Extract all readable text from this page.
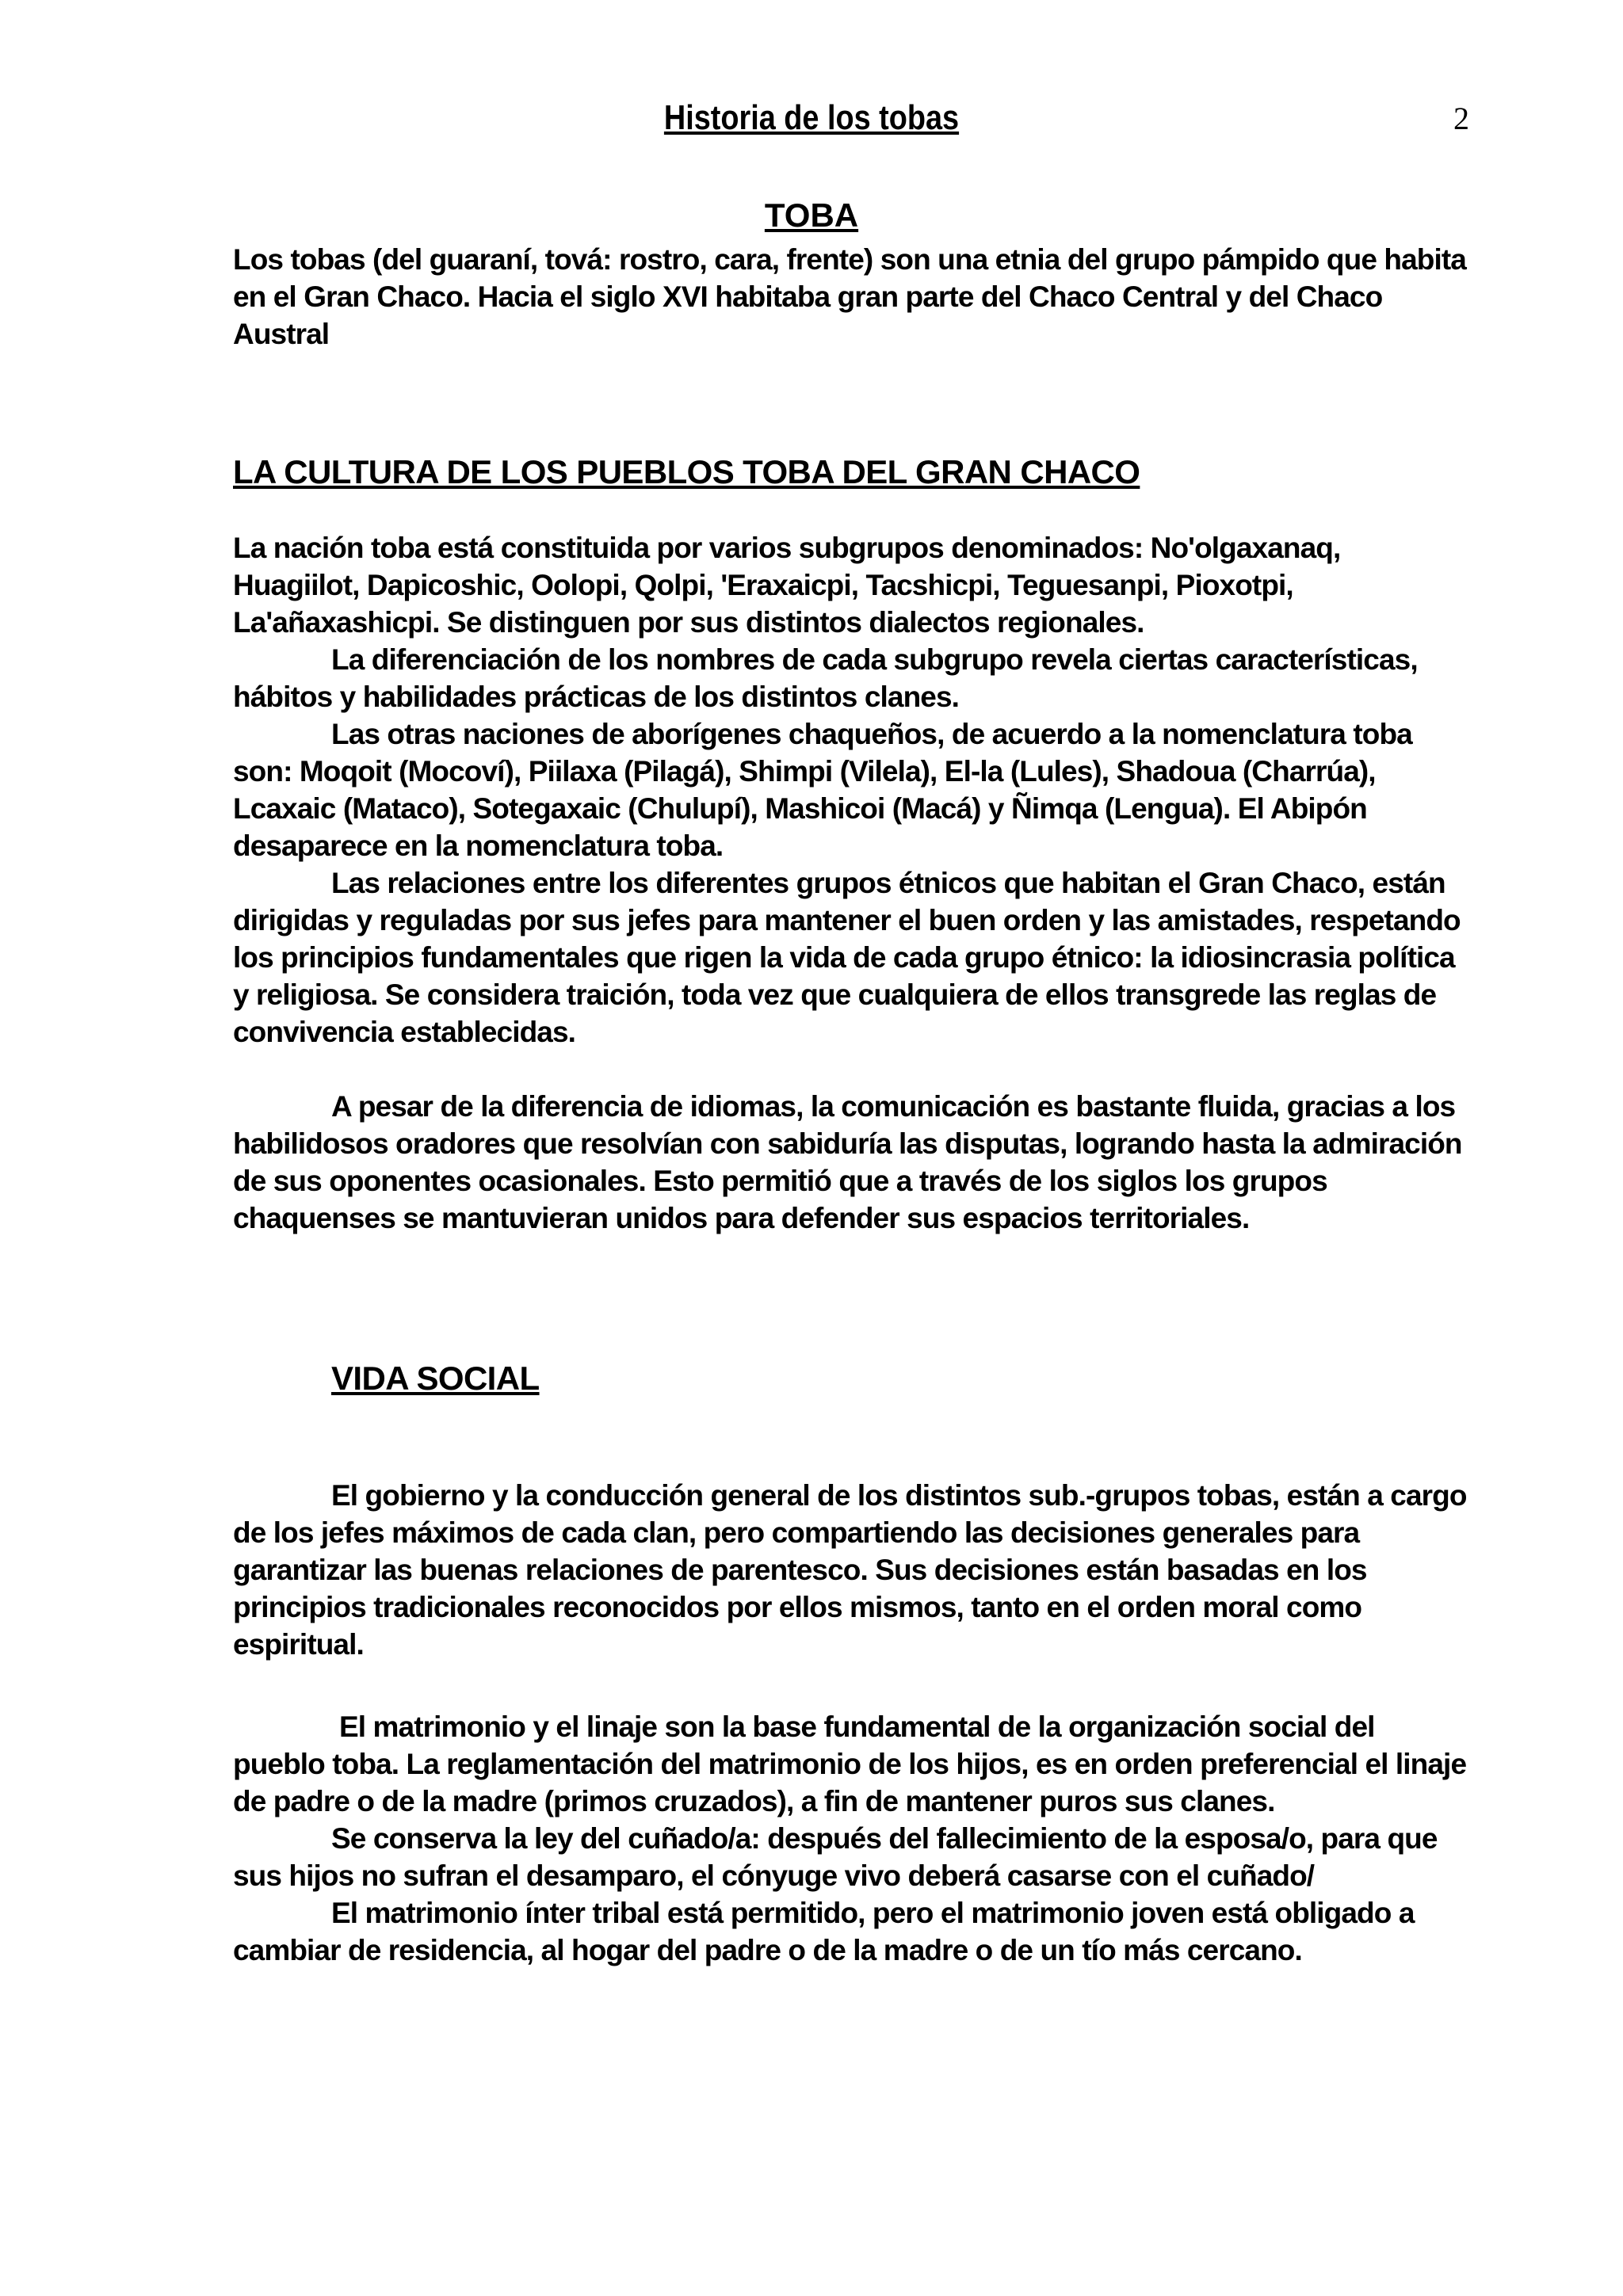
Historia de los tobas	2
TOBA

Los tobas (del guaraní, tová: rostro, cara, frente) son una etnia del grupo pámpido que habita en el Gran Chaco. Hacia el siglo XVI habitaba gran parte del Chaco Central y del Chaco Austral

LA CULTURA DE LOS PUEBLOS TOBA DEL GRAN CHACO

La nación toba está constituida por varios subgrupos denominados: No'olgaxanaq, Huagiilot, Dapicoshic, Oolopi, Qolpi, 'Eraxaicpi, Tacshicpi, Teguesanpi, Pioxotpi, La'añaxashicpi. Se distinguen por sus distintos dialectos regionales.

La diferenciación de los nombres de cada subgrupo revela ciertas características, hábitos y habilidades prácticas de los distintos clanes.

Las otras naciones de aborígenes chaqueños, de acuerdo a la nomenclatura toba son: Moqoit (Mocoví), Piilaxa (Pilagá), Shimpi (Vilela), El-la (Lules), Shadoua (Charrúa), Lcaxaic (Mataco), Sotegaxaic (Chulupí), Mashicoi (Macá) y Ñimqa (Lengua). El Abipón desaparece en la nomenclatura toba.

Las relaciones entre los diferentes grupos étnicos que habitan el Gran Chaco, están dirigidas y reguladas por sus jefes para mantener el buen orden y las amistades, respetando los principios fundamentales que rigen la vida de cada grupo étnico: la idiosincrasia política y religiosa. Se considera traición, toda vez que cualquiera de ellos transgrede las reglas de convivencia establecidas.

A pesar de la diferencia de idiomas, la comunicación es bastante fluida, gracias a los habilidosos oradores que resolvían con sabiduría las disputas, logrando hasta la admiración de sus oponentes ocasionales. Esto permitió que a través de los siglos los grupos chaquenses se mantuvieran unidos para defender sus espacios territoriales.

VIDA SOCIAL

El gobierno y la conducción general de los distintos sub.-grupos tobas, están a cargo de los jefes máximos de cada clan, pero compartiendo las decisiones generales para garantizar las buenas relaciones de parentesco. Sus decisiones están basadas en los principios tradicionales reconocidos por ellos mismos, tanto en el orden moral como espiritual.

El matrimonio y el linaje son la base fundamental de la organización social del pueblo toba. La reglamentación del matrimonio de los hijos, es en orden preferencial el linaje de padre o de la madre (primos cruzados), a fin de mantener puros sus clanes.

Se conserva la ley del cuñado/a: después del fallecimiento de la esposa/o, para que sus hijos no sufran el desamparo, el cónyuge vivo deberá casarse con el cuñado/

El matrimonio ínter tribal está permitido, pero el matrimonio joven está obligado a cambiar de residencia, al hogar del padre o de la madre o de un tío más cercano.
